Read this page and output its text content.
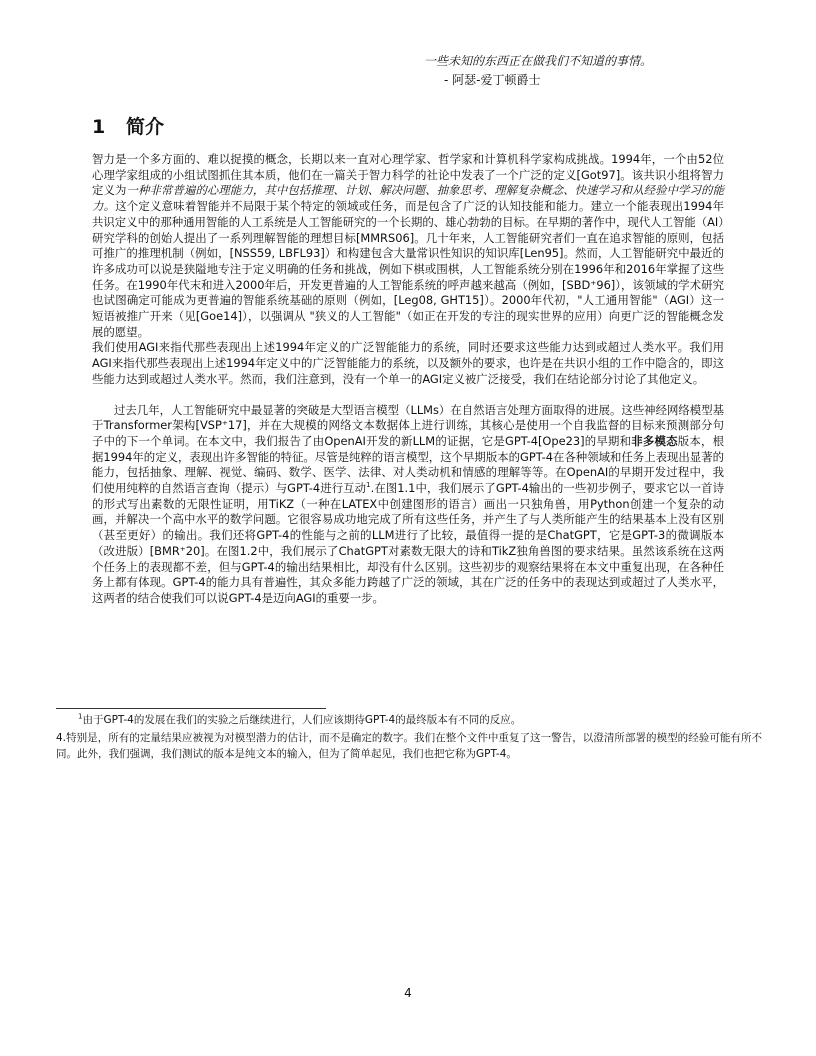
一些未知的东西正在做我们不知道的事情。
- 阿瑟-爱丁顿爵士
1 简介

智力是一个多方面的、难以捉摸的概念，长期以来一直对心理学家、哲学家和计算机科学家构成挑战。1994年，一个由52位心理学家组成的小组试图抓住其本质，他们在一篇关于智力科学的社论中发表了一个广泛的定义[Got97]。该共识小组将智力定义为一种非常普遍的心理能力，其中包括推理、计划、解决问题、抽象思考、理解复杂概念、快速学习和从经验中学习的能力。这个定义意味着智能并不局限于某个特定的领域或任务，而是包含了广泛的认知技能和能力。建立一个能表现出1994年共识定义中的那种通用智能的人工系统是人工智能研究的一个长期的、雄心勃勃的目标。在早期的著作中，现代人工智能（AI）研究学科的创始人提出了一系列理解智能的理想目标[MMRS06]。几十年来，人工智能研究者们一直在追求智能的原则，包括可推广的推理机制（例如，[NSS59, LBFL93]）和构建包含大量常识性知识的知识库[Len95]。然而，人工智能研究中最近的许多成功可以说是狭隘地专注于定义明确的任务和挑战，例如下棋或围棋，人工智能系统分别在1996年和2016年掌握了这些任务。在1990年代末和进入2000年后，开发更普遍的人工智能系统的呼声越来越高（例如，[SBD⁺96]），该领域的学术研究也试图确定可能成为更普遍的智能系统基础的原则（例如，[Leg08, GHT15]）。2000年代初，"人工通用智能"（AGI）这一短语被推广开来（见[Goe14]），以强调从 "狭义的人工智能"（如正在开发的专注的现实世界的应用）向更广泛的智能概念发展的愿望。

我们使用AGI来指代那些表现出上述1994年定义的广泛智能能力的系统，同时还要求这些能力达到或超过人类水平。我们用AGI来指代那些表现出上述1994年定义中的广泛智能能力的系统，以及额外的要求，也许是在共识小组的工作中隐含的，即这些能力达到或超过人类水平。然而，我们注意到，没有一个单一的AGI定义被广泛接受，我们在结论部分讨论了其他定义。

过去几年，人工智能研究中最显著的突破是大型语言模型（LLMs）在自然语言处理方面取得的进展。这些神经网络模型基于Transformer架构[VSP⁺17]，并在大规模的网络文本数据体上进行训练，其核心是使用一个自我监督的目标来预测部分句子中的下一个单词。在本文中，我们报告了由OpenAI开发的新LLM的证据，它是GPT-4[Ope23]的早期和非多模态版本，根据1994年的定义，表现出许多智能的特征。尽管是纯粹的语言模型，这个早期版本的GPT-4在各种领域和任务上表现出显著的能力，包括抽象、理解、视觉、编码、数学、医学、法律、对人类动机和情感的理解等等。在OpenAI的早期开发过程中，我们使用纯粹的自然语言查询（提示）与GPT-4进行互动$^1$.在图1.1中，我们展示了GPT-4输出的一些初步例子，要求它以一首诗的形式写出素数的无限性证明，用TiKZ（一种在LATEX中创建图形的语言）画出一只独角兽，用Python创建一个复杂的动画，并解决一个高中水平的数学问题。它很容易成功地完成了所有这些任务，并产生了与人类所能产生的结果基本上没有区别（甚至更好）的输出。我们还将GPT-4的性能与之前的LLM进行了比较，最值得一提的是ChatGPT，它是GPT-3的微调版本（改进版）[BMR⁺20]。在图1.2中，我们展示了ChatGPT对素数无限大的诗和TikZ独角兽图的要求结果。虽然该系统在这两个任务上的表现都不差，但与GPT-4的输出结果相比，却没有什么区别。这些初步的观察结果将在本文中重复出现，在各种任务上都有体现。GPT-4的能力具有普遍性，其众多能力跨越了广泛的领域，其在广泛的任务中的表现达到或超过了人类水平，这两者的结合使我们可以说GPT-4是迈向AGI的重要一步。

$^1$由于GPT-4的发展在我们的实验之后继续进行，人们应该期待GPT-4的最终版本有不同的反应。
4.特别是，所有的定量结果应被视为对模型潜力的估计，而不是确定的数字。我们在整个文件中重复了这一警告，以澄清所部署的模型的经验可能有所不同。此外，我们强调，我们测试的版本是纯文本的输入，但为了简单起见，我们也把它称为GPT-4。
4
